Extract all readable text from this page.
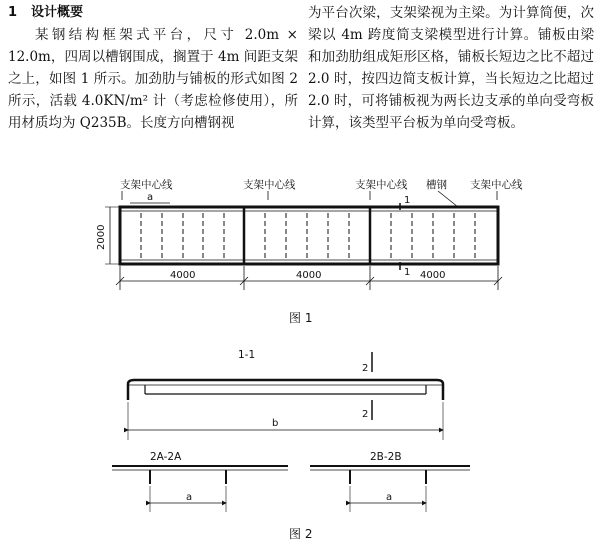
1 设计概要

某钢结构框架式平台，尺寸 2.0m × 12.0m，四周以槽钢围成，搁置于 4m 间距支架之上，如图 1 所示。加劲肋与铺板的形式如图 2 所示，活载 4.0KN/m² 计（考虑检修使用），所用材质均为 Q235B。长度方向槽钢视

为平台次梁，支架梁视为主梁。为计算简便，次梁以 4m 跨度简支梁模型进行计算。铺板由梁和加劲肋组成矩形区格，铺板长短边之比不超过 2.0 时，按四边简支板计算，当长短边之比超过 2.0 时，可将铺板视为两长边支承的单向受弯板计算，该类型平台板为单向受弯板。

支架中心线	支架中心线	支架中心线 槽钢 支架中心线
a	1
1
2000
4000	4000	4000
图 1
1-1
2
2
b
2A-2A
a
2B-2B
a
图 2
